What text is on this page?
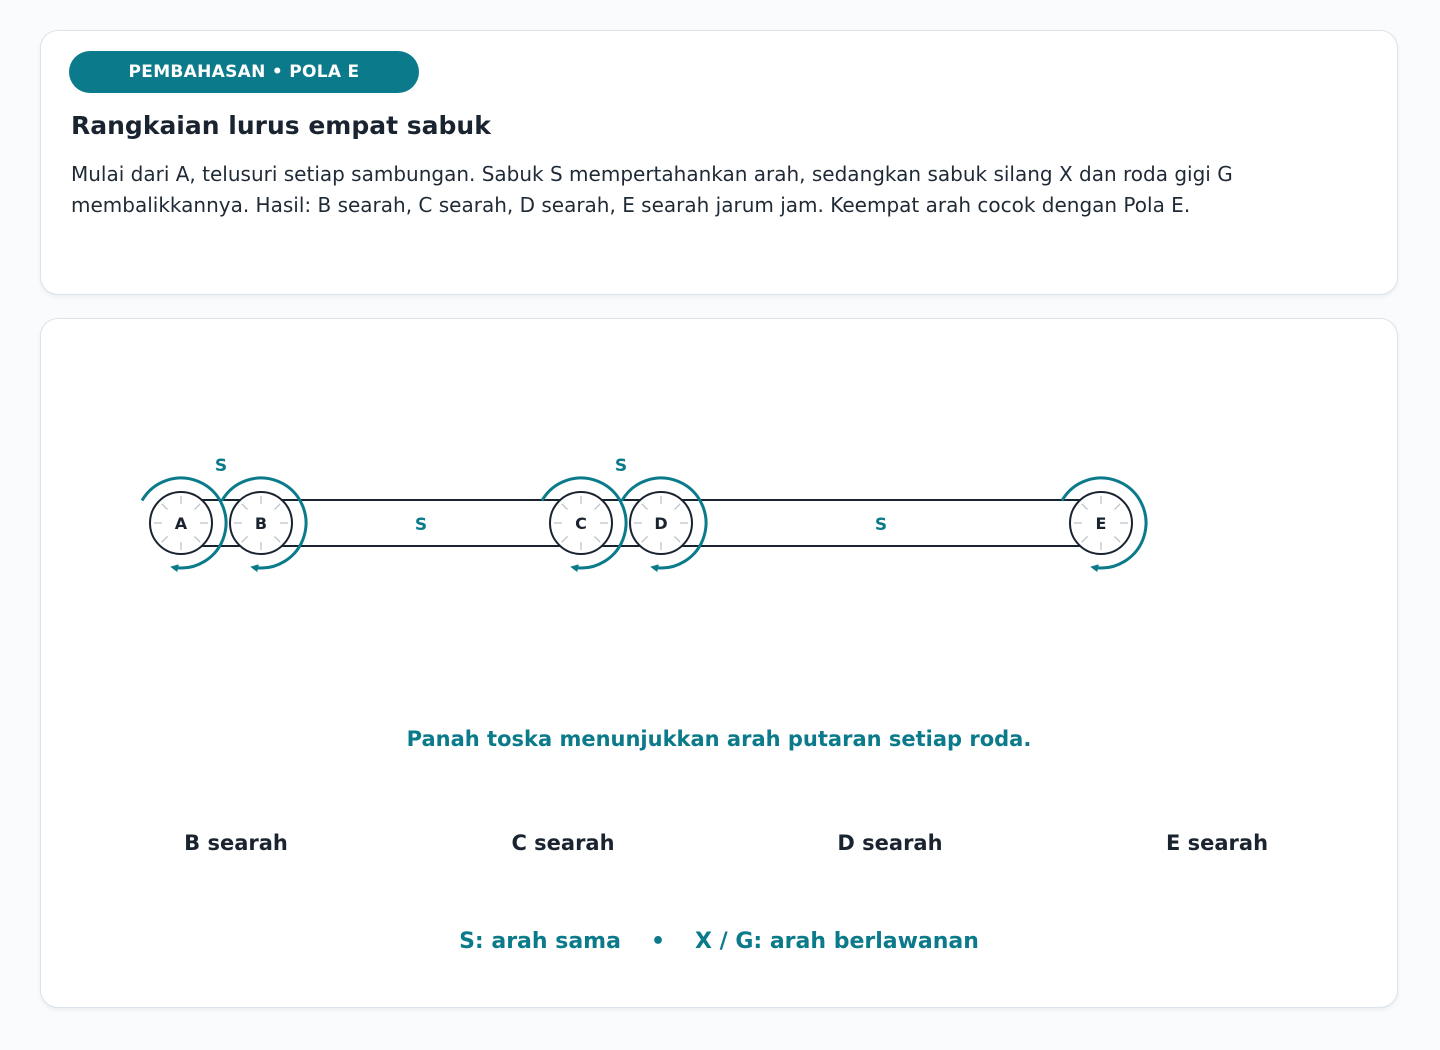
PEMBAHASAN • POLA E
Rangkaian lurus empat sabuk
Mulai dari A, telusuri setiap sambungan. Sabuk S mempertahankan arah, sedangkan sabuk silang X dan roda gigi G membalikkannya. Hasil: B searah, C searah, D searah, E searah jarum jam. Keempat arah cocok dengan Pola E.
S
S
S
S
A	B	C	D	E
Panah toska menunjukkan arah putaran setiap roda.
B searah	C searah	D searah	E searah
S: arah sama • X / G: arah berlawanan
